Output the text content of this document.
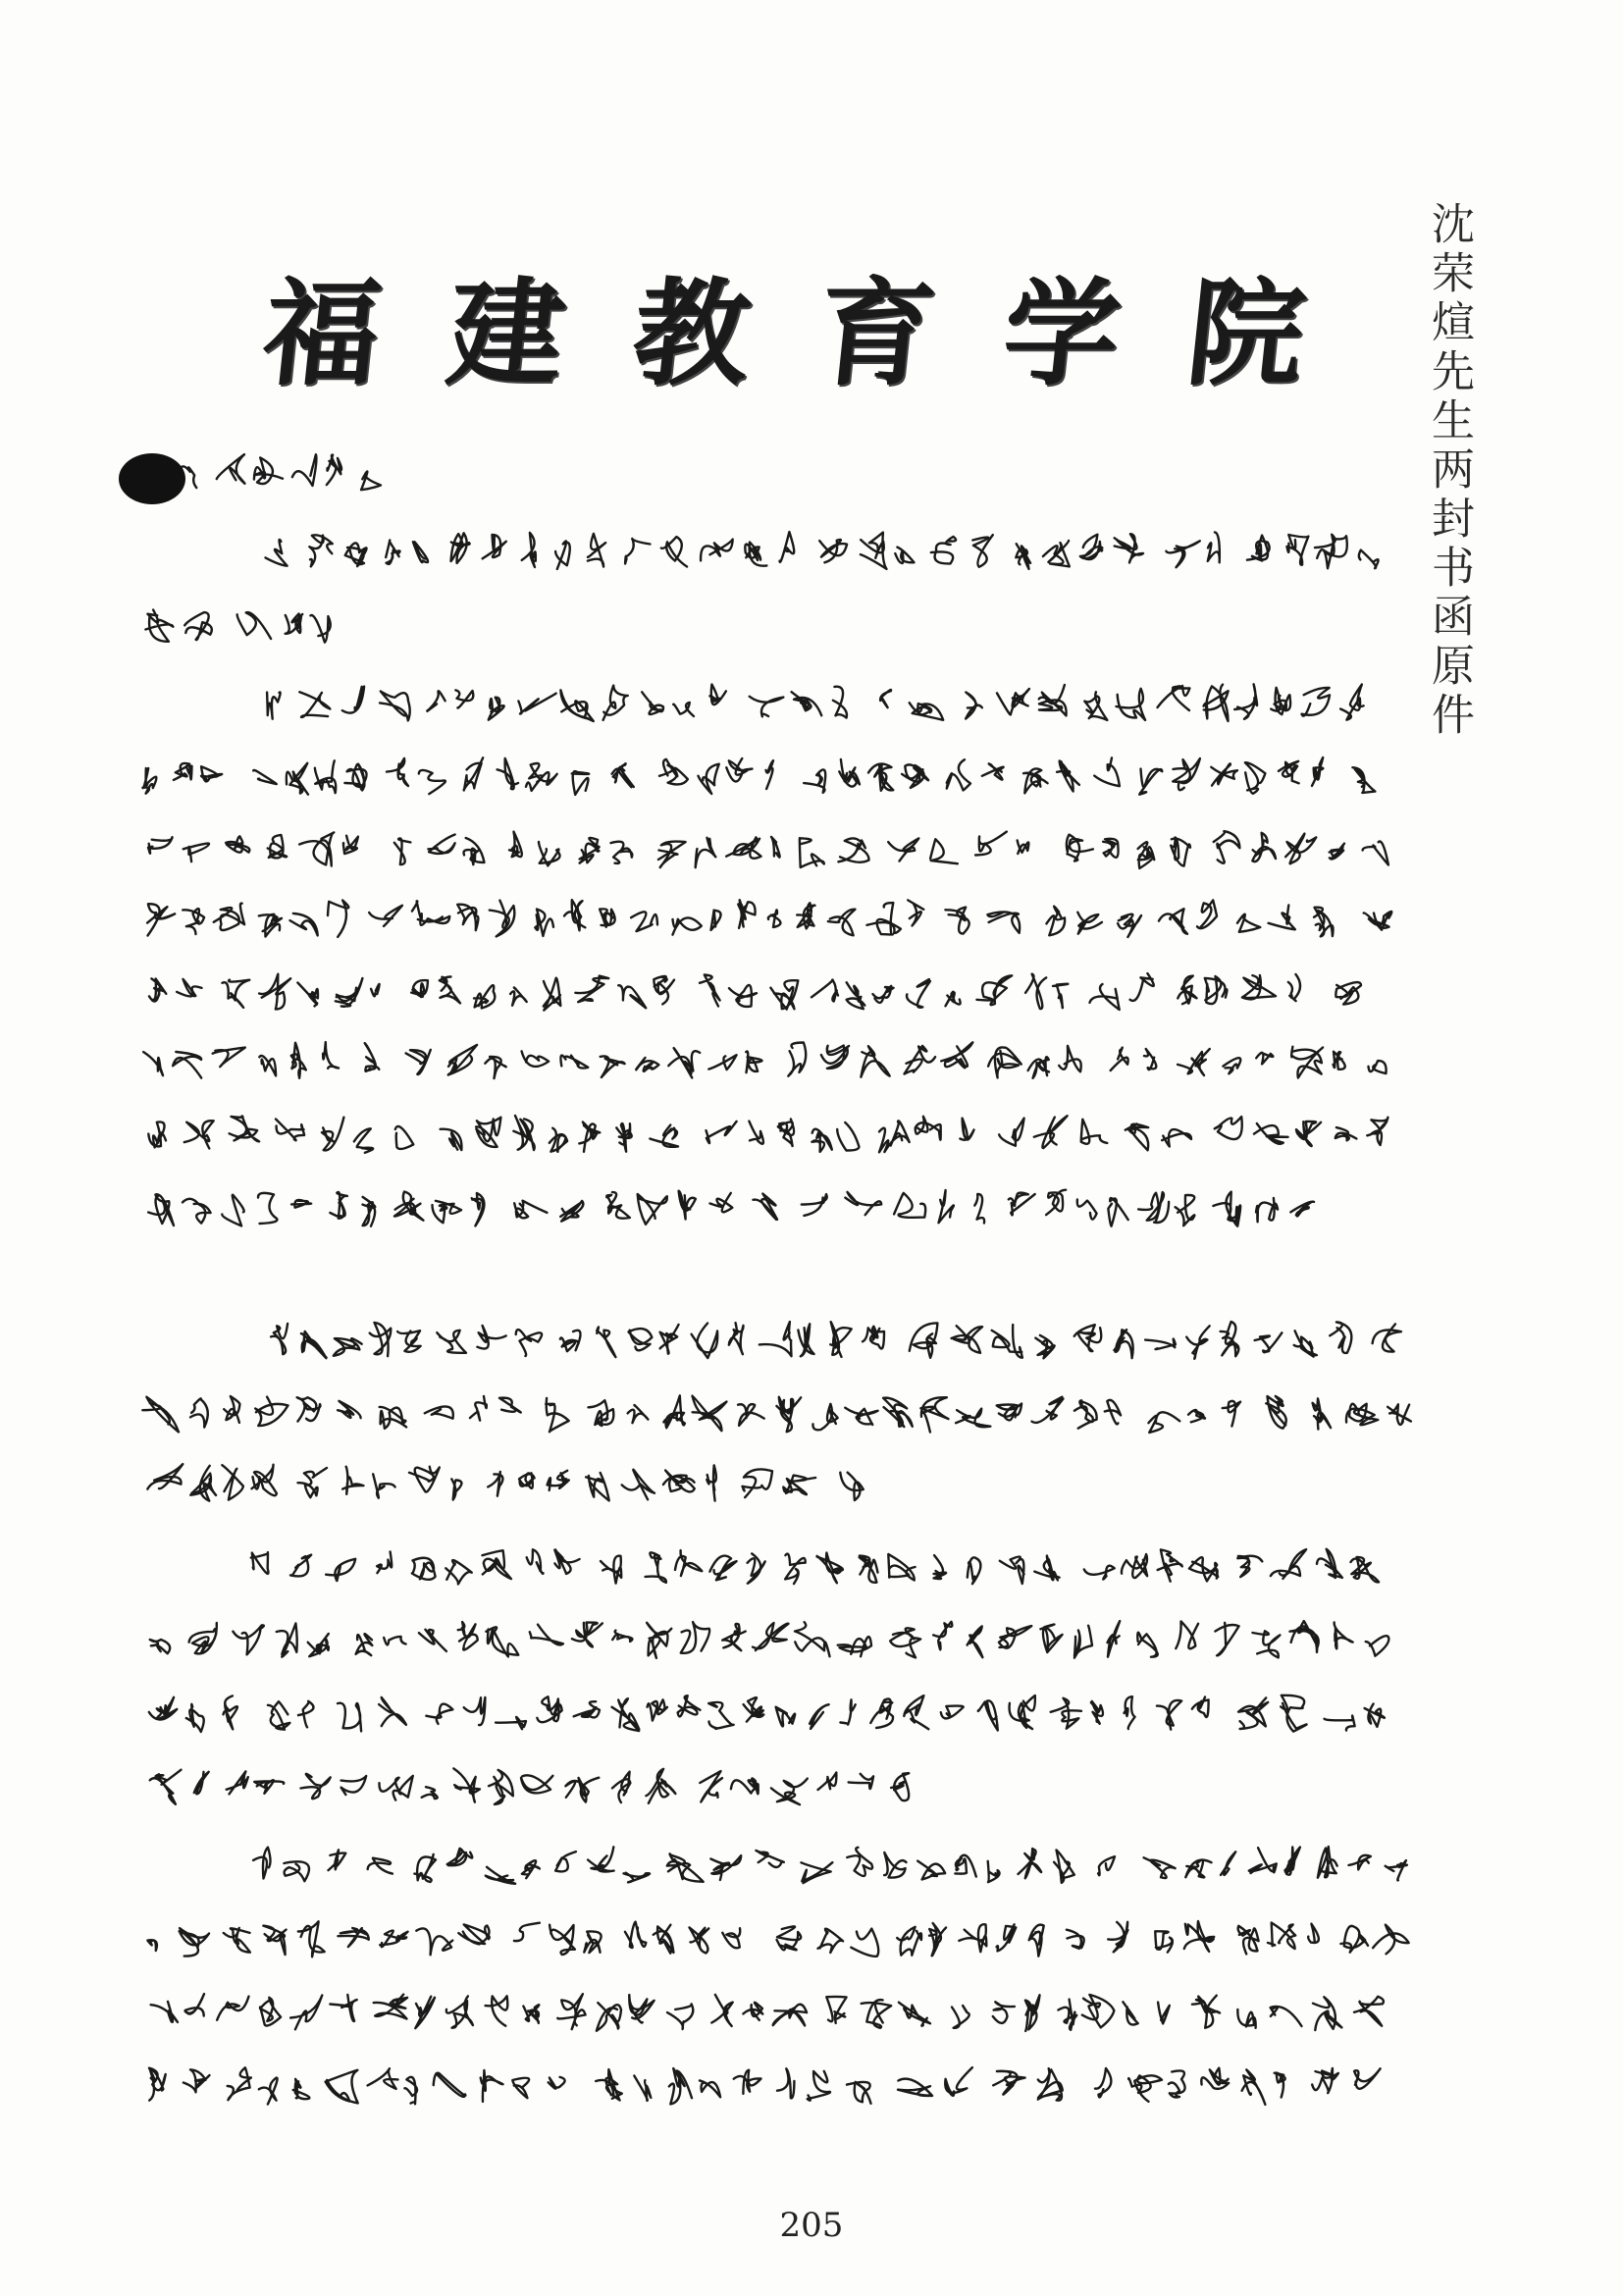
沈荣煊先生两封书函原件
福 建 教 育 学 院
205
